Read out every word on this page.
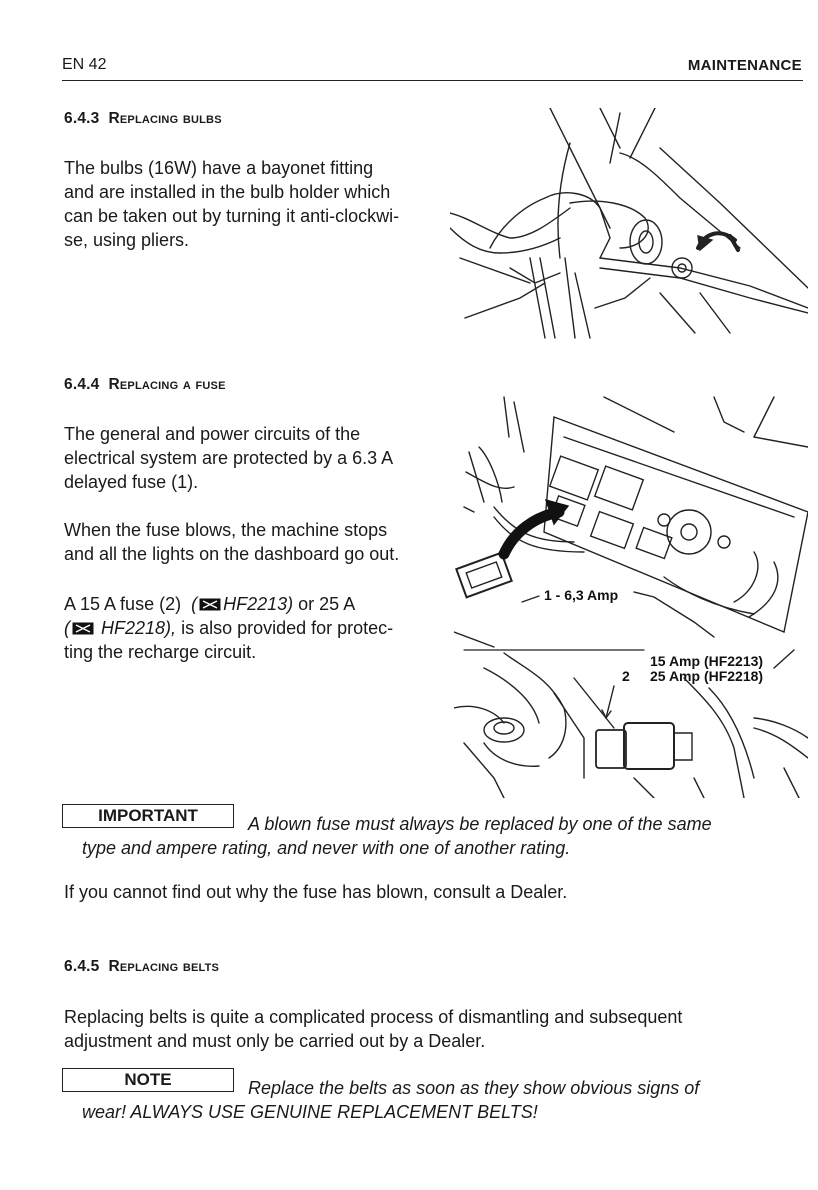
EN 42	MAINTENANCE
6.4.3 Replacing bulbs

The bulbs (16W) have a bayonet fitting

and are installed in the bulb holder which

can be taken out by turning it anti-clockwi-

se, using pliers.

6.4.4 Replacing a fuse

The general and power circuits of the

electrical system are protected by a 6.3 A

delayed fuse (1).

When the fuse blows, the machine stops

and all the lights on the dashboard go out.

A 15 A fuse (2) ( HF2213) or 25 A

( HF2218), is also provided for protec-

ting the recharge circuit.

1 - 6,3 Amp
15 Amp (HF2213)
2 25 Amp (HF2218)
IMPORTANT	A blown fuse must always be replaced by one of the same
type and ampere rating, and never with one of another rating.
If you cannot find out why the fuse has blown, consult a Dealer.
6.4.5 Replacing belts

Replacing belts is quite a complicated process of dismantling and subsequent

adjustment and must only be carried out by a Dealer.

NOTE	Replace the belts as soon as they show obvious signs of
wear! ALWAYS USE GENUINE REPLACEMENT BELTS!
